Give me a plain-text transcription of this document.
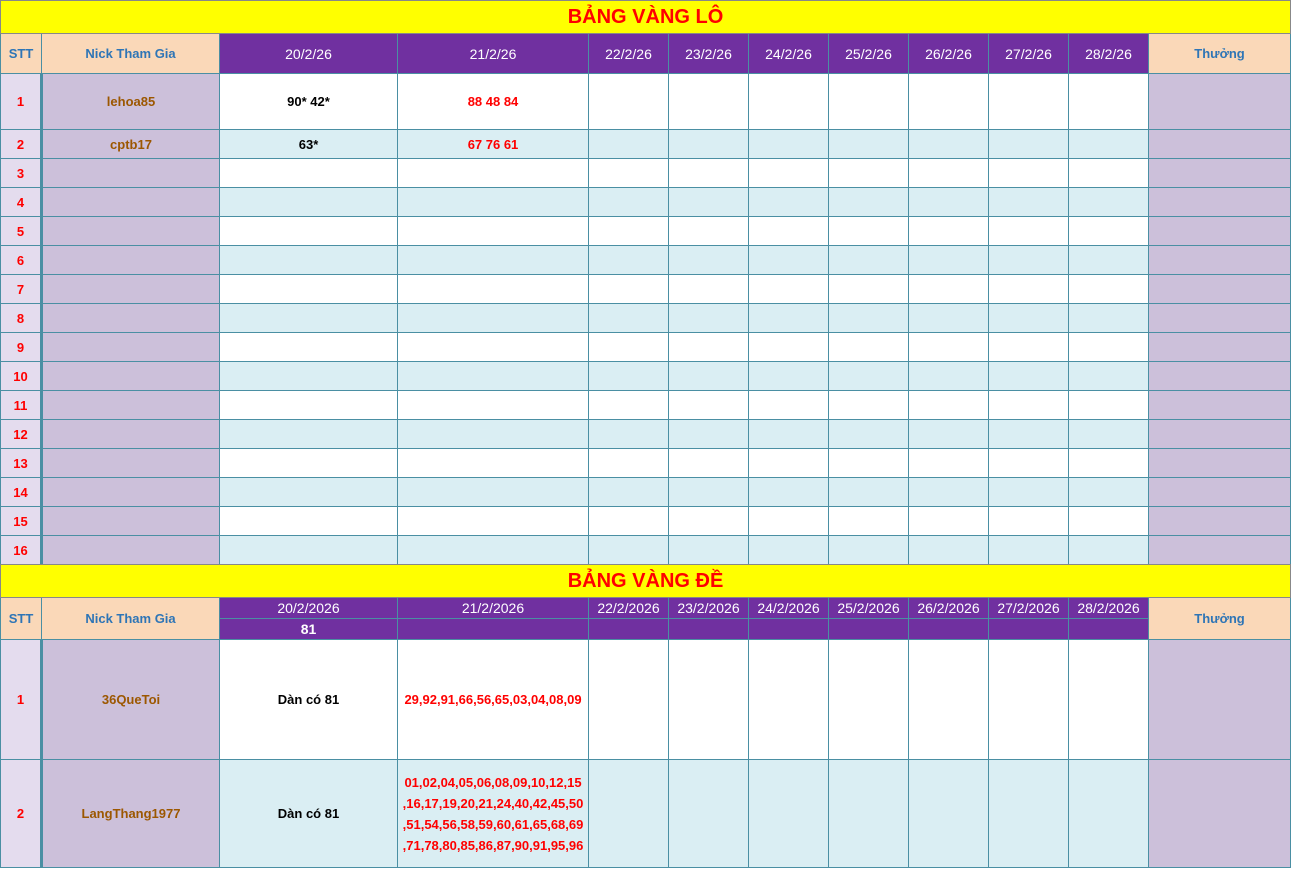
BẢNG VÀNG LÔ											
STT	Nick Tham Gia	20/2/26	21/2/26	22/2/26	23/2/26	24/2/26	25/2/26	26/2/26	27/2/26	28/2/26	Thưởng
1	lehoa85	90* 42*	88 48 84								
2	cptb17	63*	67 76 61								
3											
4											
5											
6											
7											
8											
9											
10											
11											
12											
13											
14											
15											
16											
BẢNG VÀNG ĐỀ											
STT	Nick Tham Gia	20/2/2026	21/2/2026	22/2/2026	23/2/2026	24/2/2026	25/2/2026	26/2/2026	27/2/2026	28/2/2026	Thưởng
		81									
1	36QueToi	Dàn có 81	29,92,91,66,56,65,03,04,08,09								
2	LangThang1977	Dàn có 81	01,02,04,05,06,08,09,10,12,15
,16,17,19,20,21,24,40,42,45,50
,51,54,56,58,59,60,61,65,68,69
,71,78,80,85,86,87,90,91,95,96								
